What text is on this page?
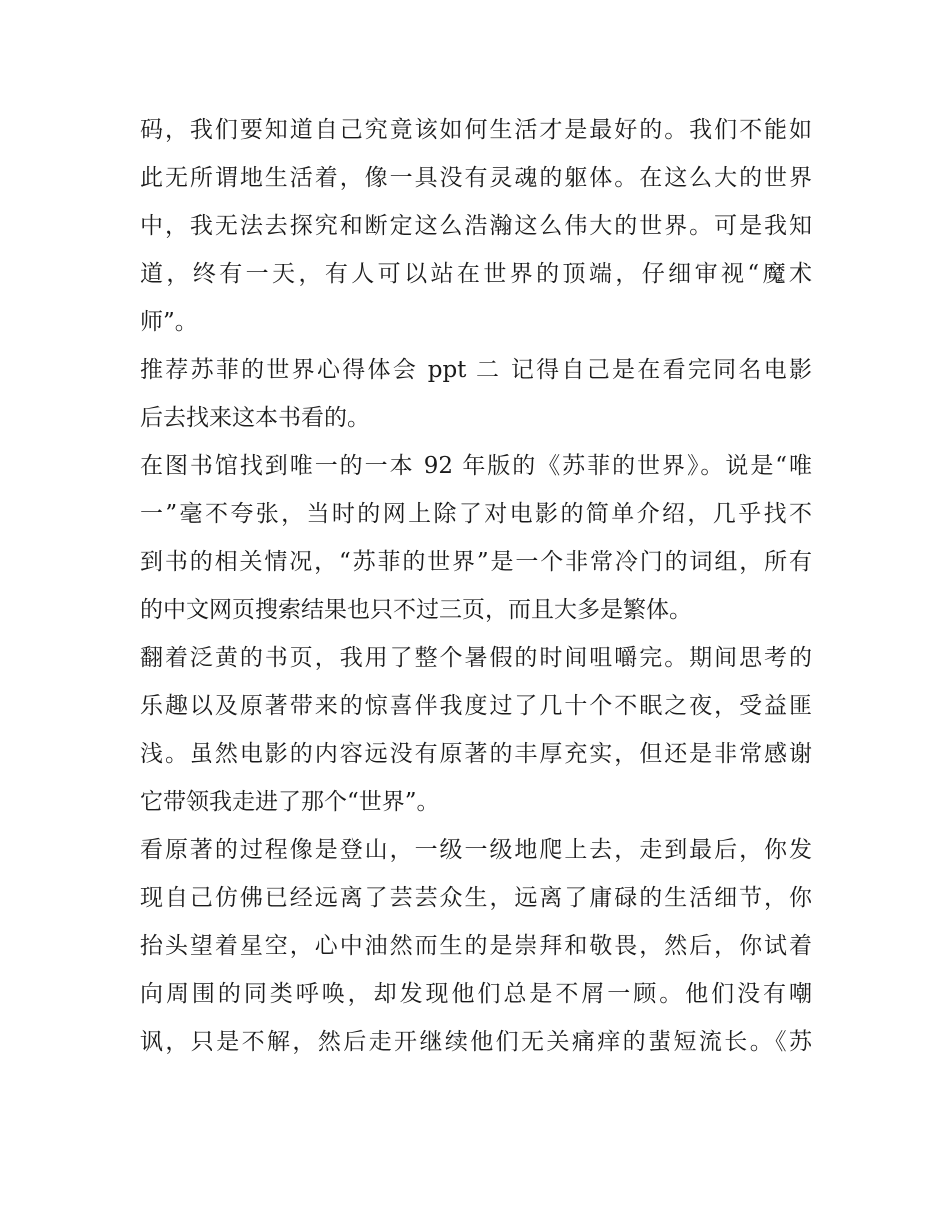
码，我们要知道自己究竟该如何生活才是最好的。我们不能如
此无所谓地生活着，像一具没有灵魂的躯体。在这么大的世界
中，我无法去探究和断定这么浩瀚这么伟大的世界。可是我知
道，终有一天，有人可以站在世界的顶端，仔细审视“魔术
师”。

推荐苏菲的世界心得体会 ppt 二 记得自己是在看完同名电影
后去找来这本书看的。

在图书馆找到唯一的一本 92 年版的《苏菲的世界》。说是“唯
一”毫不夸张，当时的网上除了对电影的简单介绍，几乎找不
到书的相关情况，“苏菲的世界”是一个非常冷门的词组，所有
的中文网页搜索结果也只不过三页，而且大多是繁体。

翻着泛黄的书页，我用了整个暑假的时间咀嚼完。期间思考的
乐趣以及原著带来的惊喜伴我度过了几十个不眠之夜，受益匪
浅。虽然电影的内容远没有原著的丰厚充实，但还是非常感谢
它带领我走进了那个“世界”。

看原著的过程像是登山，一级一级地爬上去，走到最后，你发
现自己仿佛已经远离了芸芸众生，远离了庸碌的生活细节，你
抬头望着星空，心中油然而生的是崇拜和敬畏，然后，你试着
向周围的同类呼唤，却发现他们总是不屑一顾。他们没有嘲
讽，只是不解，然后走开继续他们无关痛痒的蜚短流长。《苏
